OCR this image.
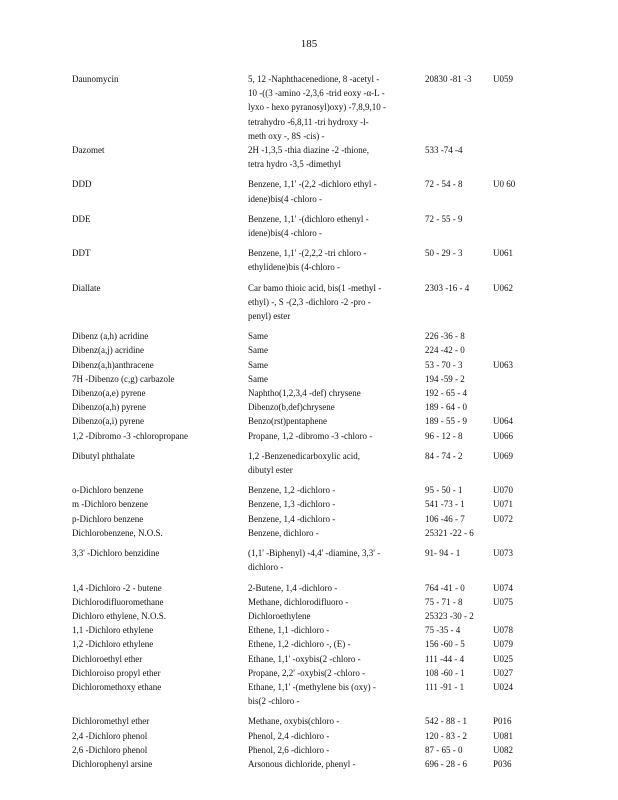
185
Daunomycin	5, 12 -Naphthacenedione, 8 -acetyl -	20830 -81 -3	U059
10 -((3 -amino -2,3,6 -trid eoxy -α-L -
lyxo - hexo pyranosyl)oxy) -7,8,9,10 -
tetrahydro -6,8,11 -tri hydroxy -l-
meth oxy -, 8S -cis) -
Dazomet	2H -1,3,5 -thia diazine -2 -thione,	533 -74 -4
tetra hydro -3,5 -dimethyl
DDD	Benzene, 1,1' -(2,2 -dichloro ethyl -	72 - 54 - 8	U0 60
idene)bis(4 -chloro -
DDE	Benzene, 1,1' -(dichloro ethenyl -	72 - 55 - 9
idene)bis(4 -chloro -
DDT	Benzene, 1,1' -(2,2,2 -tri chloro -	50 - 29 - 3	U061
ethylidene)bis (4-chloro -
Diallate	Car bamo thioic acid, bis(1 -methyl -	2303 -16 - 4	U062
ethyl) -, S -(2,3 -dichloro -2 -pro -
penyl) ester
Dibenz (a,h) acridine	Same	226 -36 - 8
Dibenz(a,j) acridine	Same	224 -42 - 0
Dibenz(a,h)anthracene	Same	53 - 70 - 3	U063
7H -Dibenzo (c,g) carbazole	Same	194 -59 - 2
Dibenzo(a,e) pyrene	Naphtho(1,2,3,4 -def) chrysene	192 - 65 - 4
Dibenzo(a,h) pyrene	Dibenzo(b,def)chrysene	189 - 64 - 0
Dibenzo(a,i) pyrene	Benzo(rst)pentaphene	189 - 55 - 9	U064
1,2 -Dibromo -3 -chloropropane	Propane, 1,2 -dibromo -3 -chloro -	96 - 12 - 8	U066
Dibutyl phthalate	1,2 -Benzenedicarboxylic acid,	84 - 74 - 2	U069
dibutyl ester
o-Dichloro benzene	Benzene, 1,2 -dichloro -	95 - 50 - 1	U070
m -Dichloro benzene	Benzene, 1,3 -dichloro -	541 -73 - 1	U071
p-Dichloro benzene	Benzene, 1,4 -dichloro -	106 -46 - 7	U072
Dichlorobenzene, N.O.S.	Benzene, dichloro -	25321 -22 - 6
3,3' -Dichloro benzidine	(1,1' -Biphenyl) -4,4' -diamine, 3,3' -	91- 94 - 1	U073
dichloro -
1,4 -Dichloro -2 - butene	2-Butene, 1,4 -dichloro -	764 -41 - 0	U074
Dichlorodifluoromethane	Methane, dichlorodifluoro -	75 - 71 - 8	U075
Dichloro ethylene, N.O.S.	Dichloroethylene	25323 -30 - 2
1,1 -Dichloro ethylene	Ethene, 1,1 -dichloro -	75 -35 - 4	U078
1,2 -Dichloro ethylene	Ethene, 1,2 -dichloro -, (E) -	156 -60 - 5	U079
Dichloroethyl ether	Ethane, 1,1' -oxybis(2 -chloro -	111 -44 - 4	U025
Dichloroiso propyl ether	Propane, 2,2' -oxybis(2 -chloro -	108 -60 - 1	U027
Dichloromethoxy ethane	Ethane, 1,1' -(methylene bis (oxy) -	111 -91 - 1	U024
bis(2 -chloro -
Dichloromethyl ether	Methane, oxybis(chloro -	542 - 88 - 1	P016
2,4 -Dichloro phenol	Phenol, 2,4 -dichloro -	120 - 83 - 2	U081
2,6 -Dichloro phenol	Phenol, 2,6 -dichloro -	87 - 65 - 0	U082
Dichlorophenyl arsine	Arsonous dichloride, phenyl -	696 - 28 - 6	P036
